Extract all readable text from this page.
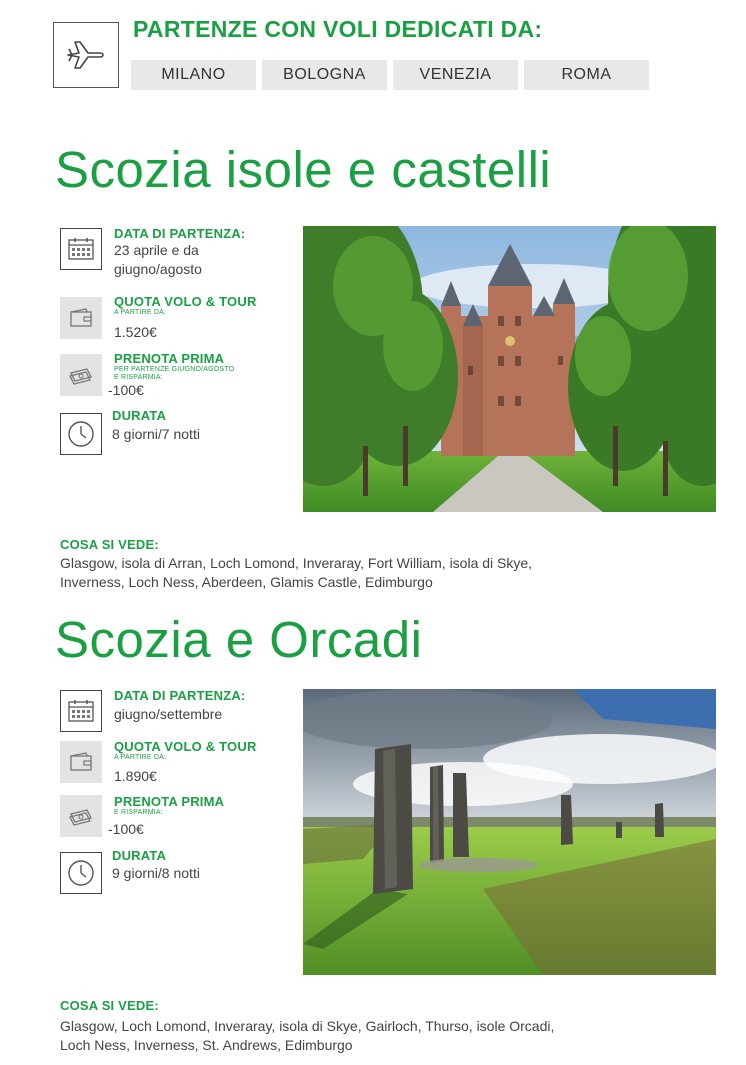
PARTENZE CON VOLI DEDICATI DA:
MILANO	BOLOGNA	VENEZIA	ROMA
Scozia isole e castelli
DATA DI PARTENZA:
23 aprile e da
giugno/agosto
QUOTA VOLO & TOUR
A PARTIRE DA:
1.520€
PRENOTA PRIMA
PER PARTENZE GIUGNO/AGOSTO
E RISPARMIA:
-100€
DURATA
8 giorni/7 notti
COSA SI VEDE:
Glasgow, isola di Arran, Loch Lomond, Inveraray, Fort William, isola di Skye,
Inverness, Loch Ness, Aberdeen, Glamis Castle, Edimburgo
Scozia e Orcadi
DATA DI PARTENZA:
giugno/settembre
QUOTA VOLO & TOUR
A PARTIRE DA:
1.890€
PRENOTA PRIMA
E RISPARMIA:
-100€
DURATA
9 giorni/8 notti
COSA SI VEDE:
Glasgow, Loch Lomond, Inveraray, isola di Skye, Gairloch, Thurso, isole Orcadi,
Loch Ness, Inverness, St. Andrews, Edimburgo
